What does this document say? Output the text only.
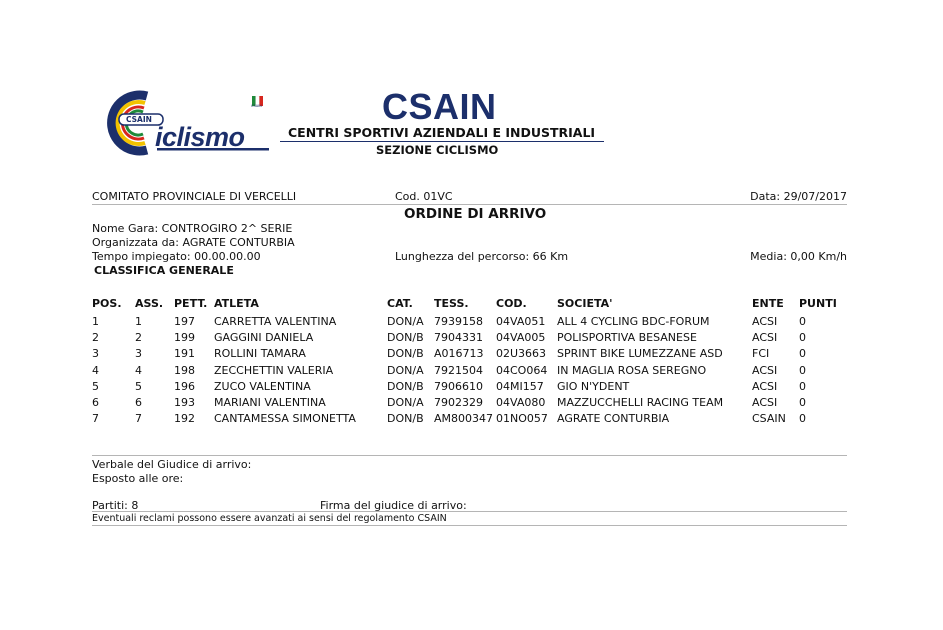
CSAIN
iclismo
CSAIN	CSAIN
CENTRI SPORTIVI AZIENDALI E INDUSTRIALI
SEZIONE CICLISMO
COMITATO PROVINCIALE DI VERCELLI	Cod. 01VC	Data: 29/07/2017
ORDINE DI ARRIVO
Nome Gara: CONTROGIRO 2^ SERIE
Organizzata da: AGRATE CONTURBIA
Tempo impiegato: 00.00.00.00	Lunghezza del percorso: 66 Km	Media: 0,00 Km/h
CLASSIFICA GENERALE
POS.	ASS.	PETT.	ATLETA	CAT.	TESS.	COD.	SOCIETA'	ENTE	PUNTI
1	1	197	CARRETTA VALENTINA	DON/A	7939158	04VA051	ALL 4 CYCLING BDC-FORUM	ACSI	0
2	2	199	GAGGINI DANIELA	DON/B	7904331	04VA005	POLISPORTIVA BESANESE	ACSI	0
3	3	191	ROLLINI TAMARA	DON/B	A016713	02U3663	SPRINT BIKE LUMEZZANE ASD	FCI	0
4	4	198	ZECCHETTIN VALERIA	DON/A	7921504	04CO064	IN MAGLIA ROSA SEREGNO	ACSI	0
5	5	196	ZUCO VALENTINA	DON/B	7906610	04MI157	GIO N'YDENT	ACSI	0
6	6	193	MARIANI VALENTINA	DON/A	7902329	04VA080	MAZZUCCHELLI RACING TEAM	ACSI	0
7	7	192	CANTAMESSA SIMONETTA	DON/B	AM800347	01NO057	AGRATE CONTURBIA	CSAIN	0
Verbale del Giudice di arrivo:
Esposto alle ore:
Partiti: 8	Firma del giudice di arrivo:
Eventuali reclami possono essere avanzati ai sensi del regolamento CSAIN
